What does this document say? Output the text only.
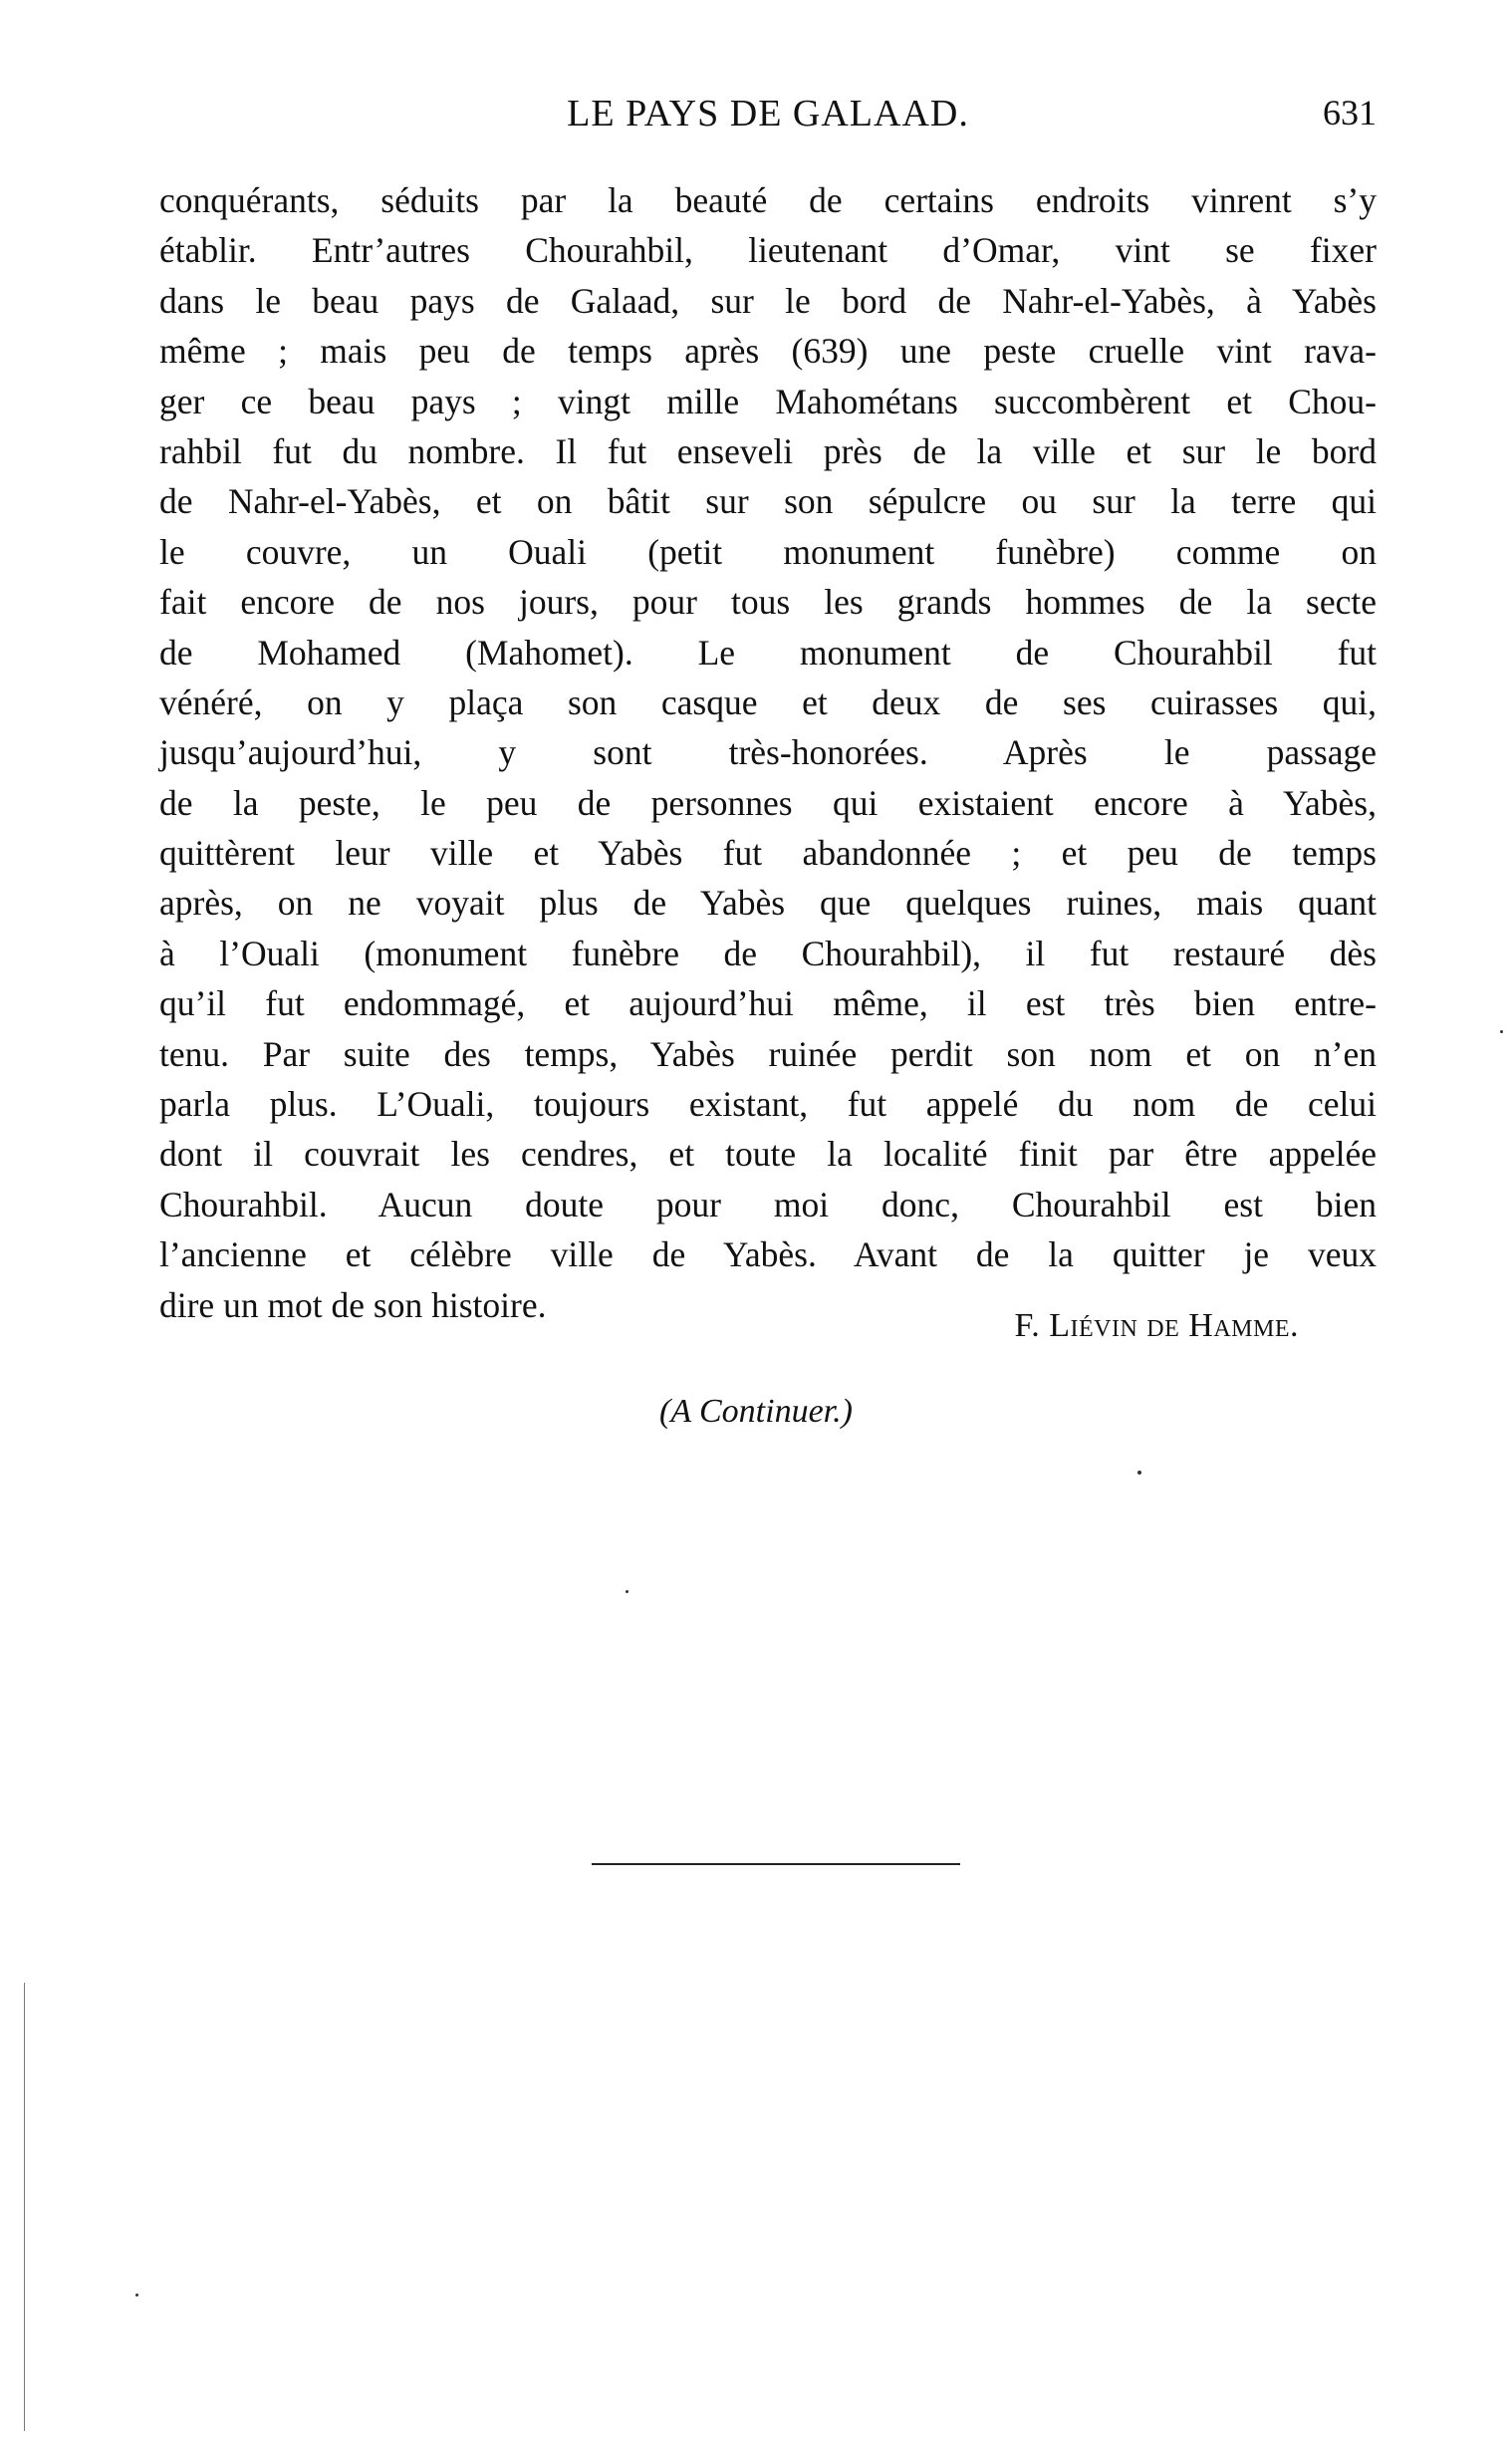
LE PAYS DE GALAAD.	631
conquérants, séduits par la beauté de certains endroits vinrent s’y
établir. Entr’autres Chourahbil, lieutenant d’Omar, vint se fixer
dans le beau pays de Galaad, sur le bord de Nahr-el-Yabès, à Yabès
même ; mais peu de temps après (639) une peste cruelle vint rava-
ger ce beau pays ; vingt mille Mahométans succombèrent et Chou-
rahbil fut du nombre. Il fut enseveli près de la ville et sur le bord
de Nahr-el-Yabès, et on bâtit sur son sépulcre ou sur la terre qui
le couvre, un Ouali (petit monument funèbre) comme on
fait encore de nos jours, pour tous les grands hommes de la secte
de Mohamed (Mahomet). Le monument de Chourahbil fut
vénéré, on y plaça son casque et deux de ses cuirasses qui,
jusqu’aujourd’hui, y sont très-honorées. Après le passage
de la peste, le peu de personnes qui existaient encore à Yabès,
quittèrent leur ville et Yabès fut abandonnée ; et peu de temps
après, on ne voyait plus de Yabès que quelques ruines, mais quant
à l’Ouali (monument funèbre de Chourahbil), il fut restauré dès
qu’il fut endommagé, et aujourd’hui même, il est très bien entre-
tenu. Par suite des temps, Yabès ruinée perdit son nom et on n’en
parla plus. L’Ouali, toujours existant, fut appelé du nom de celui
dont il couvrait les cendres, et toute la localité finit par être appelée
Chourahbil. Aucun doute pour moi donc, Chourahbil est bien
l’ancienne et célèbre ville de Yabès. Avant de la quitter je veux
dire un mot de son histoire.
F. Liévin de Hamme.
(A Continuer.)
